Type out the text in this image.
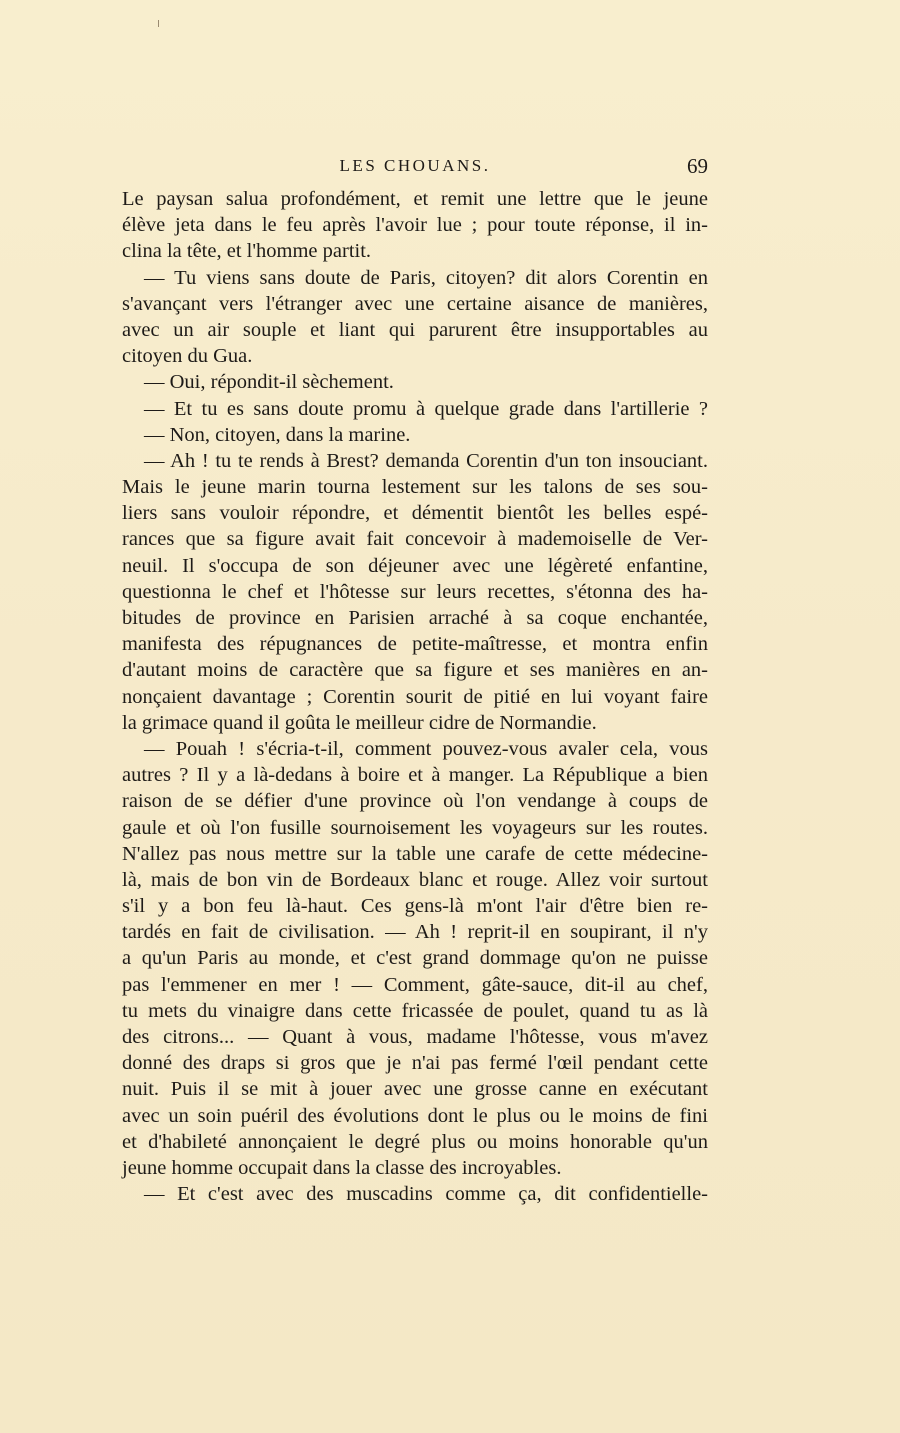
LES CHOUANS.	69
Le paysan salua profondément, et remit une lettre que le jeune
élève jeta dans le feu après l'avoir lue ; pour toute réponse, il in-
clina la tête, et l'homme partit.
— Tu viens sans doute de Paris, citoyen? dit alors Corentin en
s'avançant vers l'étranger avec une certaine aisance de manières,
avec un air souple et liant qui parurent être insupportables au
citoyen du Gua.
— Oui, répondit-il sèchement.
— Et tu es sans doute promu à quelque grade dans l'artillerie ?
— Non, citoyen, dans la marine.
— Ah ! tu te rends à Brest? demanda Corentin d'un ton insouciant.
Mais le jeune marin tourna lestement sur les talons de ses sou-
liers sans vouloir répondre, et démentit bientôt les belles espé-
rances que sa figure avait fait concevoir à mademoiselle de Ver-
neuil. Il s'occupa de son déjeuner avec une légèreté enfantine,
questionna le chef et l'hôtesse sur leurs recettes, s'étonna des ha-
bitudes de province en Parisien arraché à sa coque enchantée,
manifesta des répugnances de petite-maîtresse, et montra enfin
d'autant moins de caractère que sa figure et ses manières en an-
nonçaient davantage ; Corentin sourit de pitié en lui voyant faire
la grimace quand il goûta le meilleur cidre de Normandie.
— Pouah ! s'écria-t-il, comment pouvez-vous avaler cela, vous
autres ? Il y a là-dedans à boire et à manger. La République a bien
raison de se défier d'une province où l'on vendange à coups de
gaule et où l'on fusille sournoisement les voyageurs sur les routes.
N'allez pas nous mettre sur la table une carafe de cette médecine-
là, mais de bon vin de Bordeaux blanc et rouge. Allez voir surtout
s'il y a bon feu là-haut. Ces gens-là m'ont l'air d'être bien re-
tardés en fait de civilisation. — Ah ! reprit-il en soupirant, il n'y
a qu'un Paris au monde, et c'est grand dommage qu'on ne puisse
pas l'emmener en mer ! — Comment, gâte-sauce, dit-il au chef,
tu mets du vinaigre dans cette fricassée de poulet, quand tu as là
des citrons... — Quant à vous, madame l'hôtesse, vous m'avez
donné des draps si gros que je n'ai pas fermé l'œil pendant cette
nuit. Puis il se mit à jouer avec une grosse canne en exécutant
avec un soin puéril des évolutions dont le plus ou le moins de fini
et d'habileté annonçaient le degré plus ou moins honorable qu'un
jeune homme occupait dans la classe des incroyables.
— Et c'est avec des muscadins comme ça, dit confidentielle-
